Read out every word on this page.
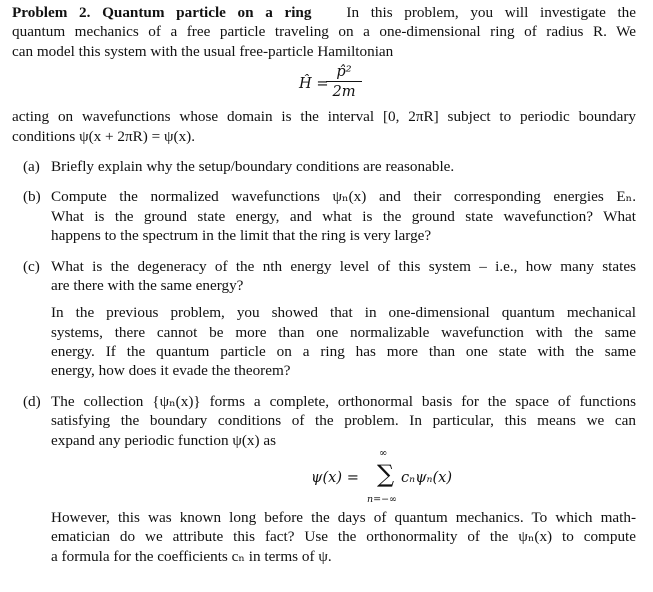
Problem 2. Quantum particle on a ring In this problem, you will investigate the
quantum mechanics of a free particle traveling on a one-dimensional ring of radius R. We
can model this system with the usual free-particle Hamiltonian
Ĥ =
p̂²
2m
acting on wavefunctions whose domain is the interval [0, 2πR] subject to periodic boundary
conditions ψ(x + 2πR) = ψ(x).
(a) Briefly explain why the setup/boundary conditions are reasonable.
(b) Compute the normalized wavefunctions ψₙ(x) and their corresponding energies Eₙ.
What is the ground state energy, and what is the ground state wavefunction? What
happens to the spectrum in the limit that the ring is very large?
(c) What is the degeneracy of the nth energy level of this system – i.e., how many states
are there with the same energy?
In the previous problem, you showed that in one-dimensional quantum mechanical
systems, there cannot be more than one normalizable wavefunction with the same
energy. If the quantum particle on a ring has more than one state with the same
energy, how does it evade the theorem?
(d) The collection {ψₙ(x)} forms a complete, orthonormal basis for the space of functions
satisfying the boundary conditions of the problem. In particular, this means we can
expand any periodic function ψ(x) as
ψ(x) =
∞
∑
n=−∞
cₙψₙ(x)
However, this was known long before the days of quantum mechanics. To which math-
ematician do we attribute this fact? Use the orthonormality of the ψₙ(x) to compute
a formula for the coefficients cₙ in terms of ψ.
